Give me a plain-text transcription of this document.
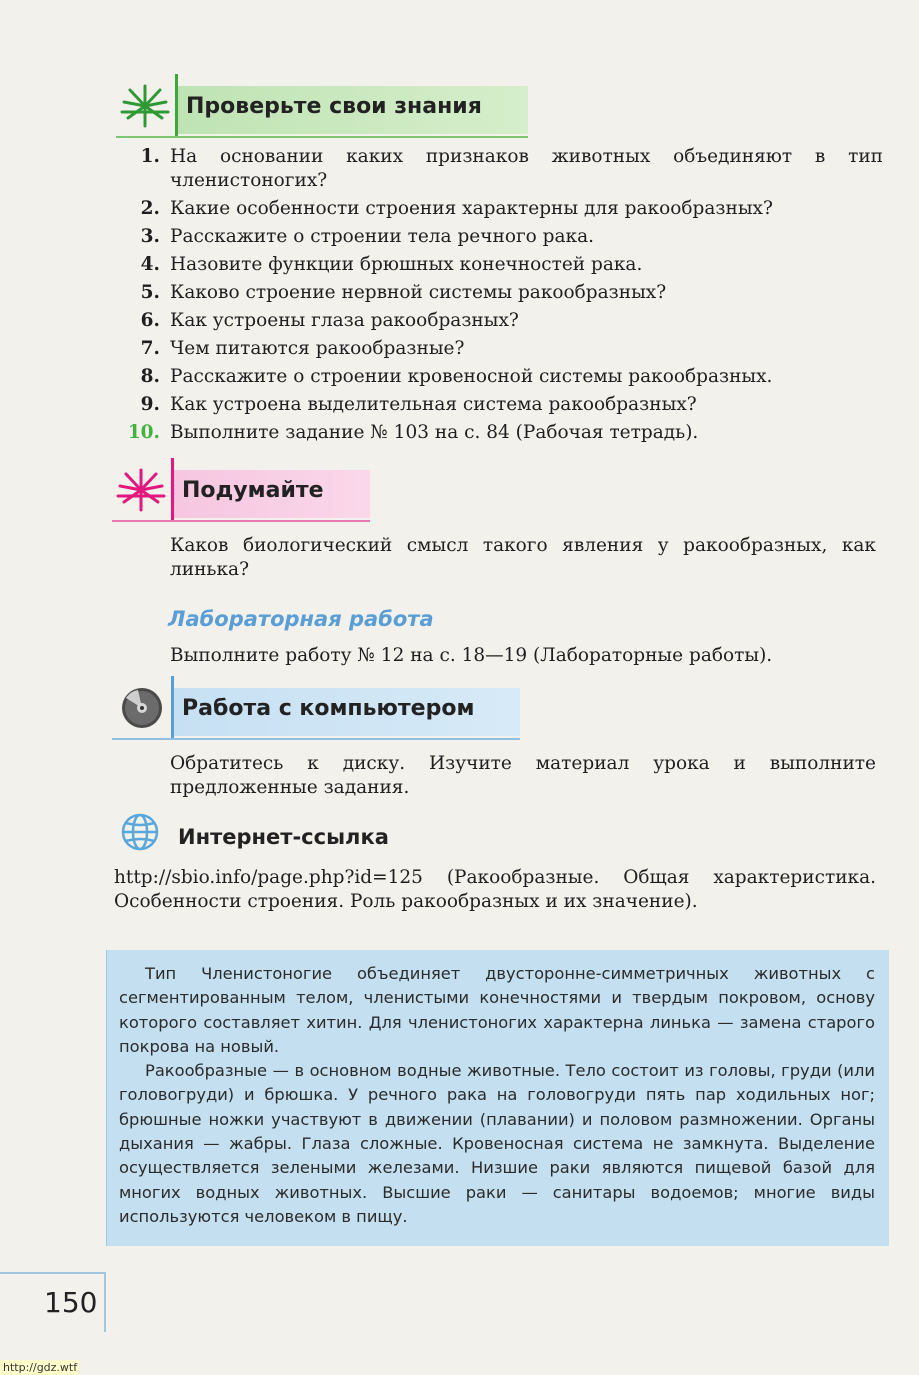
Проверьте свои знания
1. На основании каких признаков животных объединяют в тип членистоногих?
2. Какие особенности строения характерны для ракообразных?
3. Расскажите о строении тела речного рака.
4. Назовите функции брюшных конечностей рака.
5. Каково строение нервной системы ракообразных?
6. Как устроены глаза ракообразных?
7. Чем питаются ракообразные?
8. Расскажите о строении кровеносной системы ракообразных.
9. Как устроена выделительная система ракообразных?
10. Выполните задание № 103 на с. 84 (Рабочая тетрадь).
Подумайте
Каков биологический смысл такого явления у ракообразных, как линька?
Лабораторная работа
Выполните работу № 12 на с. 18—19 (Лабораторные работы).
Работа с компьютером
Обратитесь к диску. Изучите материал урока и выполните предложенные задания.
Интернет-ссылка
http://sbio.info/page.php?id=125 (Ракообразные. Общая характеристика. Особенности строения. Роль ракообразных и их значение).

Тип Членистоногие объединяет двусторонне-симметричных животных с сегментированным телом, членистыми конечностями и твердым покровом, основу которого составляет хитин. Для членистоногих характерна линька — замена старого покрова на новый.

Ракообразные — в основном водные животные. Тело состоит из головы, груди (или головогруди) и брюшка. У речного рака на головогруди пять пар ходильных ног; брюшные ножки участвуют в движении (плавании) и половом размножении. Органы дыхания — жабры. Глаза сложные. Кровеносная система не замкнута. Выделение осуществляется зелеными железами. Низшие раки являются пищевой базой для многих водных животных. Высшие раки — санитары водоемов; многие виды используются человеком в пищу.

150
http://gdz.wtf
